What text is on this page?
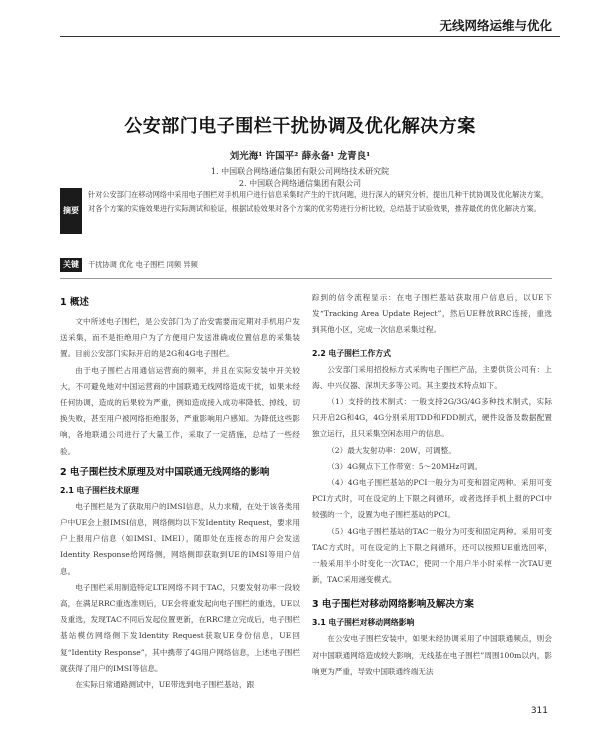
无线网络运维与优化
公安部门电子围栏干扰协调及优化解决方案
刘光海¹ 许国平² 薛永备¹ 龙青良¹
1. 中国联合网络通信集团有限公司网络技术研究院
2. 中国联合网络通信集团有限公司
摘要
针对公安部门在移动网络中采用电子围栏对手机用户进行信息采集时产生的干扰问题，进行深入的研究分析，提出几种干扰协调及优化解决方案，对各个方案的实施效果进行实际测试和验证，根据试验效果对各个方案的优劣势进行分析比较，总结基于试验效果，推荐最优的优化解决方案。
关键词
干扰协调 优化 电子围栏 同频 异频
1 概述

文中所述电子围栏，是公安部门为了治安需要而定期对手机用户发送采集，而不是拒绝用户为了方便用户发送准确或位置信息的采集装置。目前公安部门实际开启的是2G和4G电子围栏。

由于电子围栏占用通信运营商的频率，并且在实际安装中开关较大，不可避免地对中国运营商的中国联通无线网络造成干扰，如果未经任何协调，造成的后果较为严重，例如造成接入成功率降低、掉线、切换失败，甚至用户被网络拒绝服务，严重影响用户感知。为降低这些影响，各地联通公司进行了大量工作，采取了一定措施，总结了一些经验。

2 电子围栏技术原理及对中国联通无线网络的影响
2.1 电子围栏技术原理

电子围栏是为了获取用户的IMSI信息，从力求精，在处于该各类用户中UE会上报IMSI信息，网络侧均以下发Identity Request，要求用户上报用户信息（如IMSI、IMEI），随即处在连接态的用户会发送Identity Response给网络侧，网络侧即获取到UE的IMSI等用户信息。

电子围栏采用制造特定LTE网络不同于TAC，只要发射功率一段较高，在满足RRC重选准则后，UE会将重发起向电子围栏的重选，UE以及重选，发现TAC不同后发起位置更新，在RRC建立完成后，电子围栏基站模仿网络侧下发Identity Request获取UE身份信息，UE回复“Identity Response”，其中携带了4G用户网络信息，上述电子围栏就获得了用户的IMSI等信息。

在实际日常通路测试中，UE带选到电子围栏基站，跟

踪到的信令流程显示：在电子围栏基站获取用户信息后，以UE下发“Tracking Area Update Reject”，然后UE释放RRC连接，重选到其他小区，完成一次信息采集过程。

2.2 电子围栏工作方式

公安部门采用招投标方式采购电子围栏产品，主要供货公司有：上海、中兴仪器、深圳天多等公司。其主要技术特点如下。

（1）支持的技术制式：一般支持2G/3G/4G多种技术制式，实际只开启2G和4G，4G分别采用TDD和FDD制式，硬件设备及数据配置独立运行，且只采集空闲态用户的信息。

（2）最大发射功率：20W，可调整。

（3）4G频点下工作带宽：5～20MHz可调。

（4）4G电子围栏基站的PCI一般分为可变和固定两种。采用可变PCI方式时，可在设定的上下限之间循环，或者选择手机上报的PCI中较强的一个，设置为电子围栏基站的PCI。

（5）4G电子围栏基站的TAC一般分为可变和固定两种。采用可变TAC方式时，可在设定的上下限之间循环，还可以按照UE重选回率，一般采用半小时变化一次TAC，使同一个用户半小时采样一次TAU更新，TAC采用递变模式。

3 电子围栏对移动网络影响及解决方案
3.1 电子围栏对移动网络影响

在公安电子围栏安装中，如果未经协调采用了中国联通频点，则会对中国联通网络造成较大影响，无线基在电子围栏”周围100m以内，影响更为严重，导致中国联通终端无法

311
